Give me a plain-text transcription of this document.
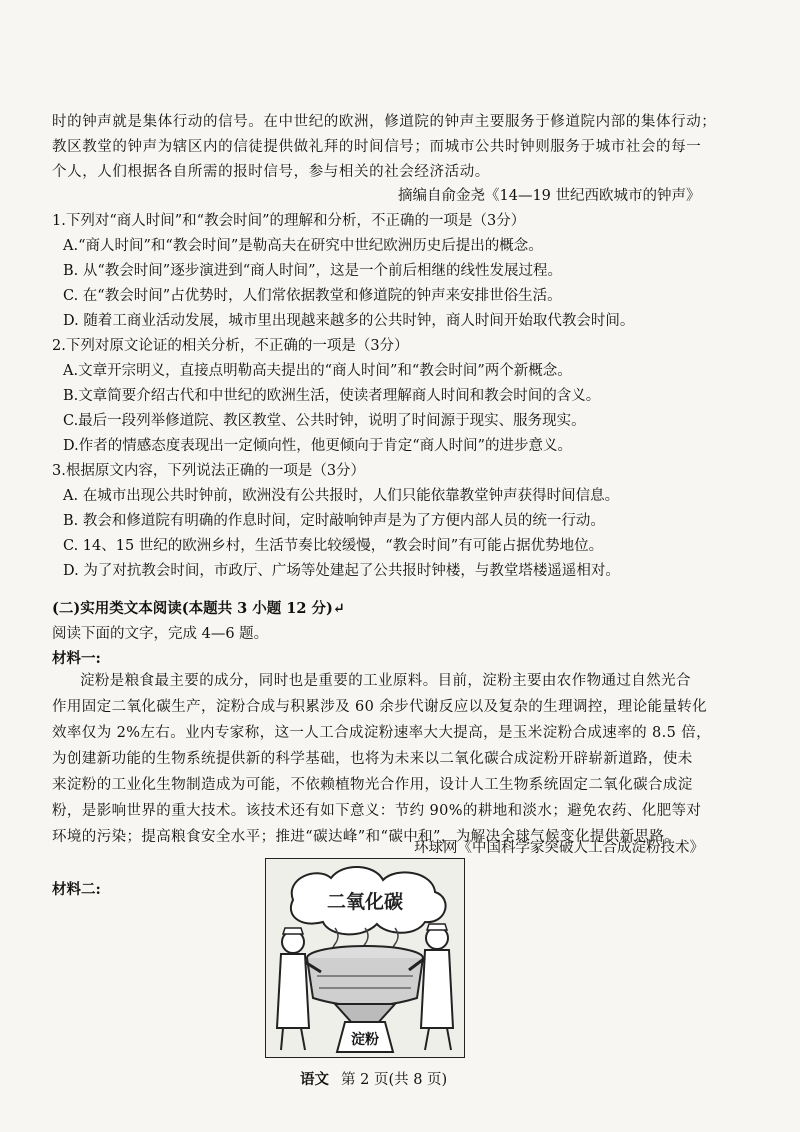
时的钟声就是集体行动的信号。在中世纪的欧洲，修道院的钟声主要服务于修道院内部的集体行动；
教区教堂的钟声为辖区内的信徒提供做礼拜的时间信号；而城市公共时钟则服务于城市社会的每一
个人，人们根据各自所需的报时信号，参与相关的社会经济活动。
摘编自俞金尧《14—19 世纪西欧城市的钟声》
1.下列对“商人时间”和“教会时间”的理解和分析，不正确的一项是（3分）
A.“商人时间”和“教会时间”是勒高夫在研究中世纪欧洲历史后提出的概念。
B. 从“教会时间”逐步演进到“商人时间”，这是一个前后相继的线性发展过程。
C. 在“教会时间”占优势时，人们常依据教堂和修道院的钟声来安排世俗生活。
D. 随着工商业活动发展，城市里出现越来越多的公共时钟，商人时间开始取代教会时间。
2.下列对原文论证的相关分析，不正确的一项是（3分）
A.文章开宗明义，直接点明勒高夫提出的“商人时间”和“教会时间”两个新概念。
B.文章简要介绍古代和中世纪的欧洲生活，使读者理解商人时间和教会时间的含义。
C.最后一段列举修道院、教区教堂、公共时钟，说明了时间源于现实、服务现实。
D.作者的情感态度表现出一定倾向性，他更倾向于肯定“商人时间”的进步意义。
3.根据原文内容，下列说法正确的一项是（3分）
A. 在城市出现公共时钟前，欧洲没有公共报时，人们只能依靠教堂钟声获得时间信息。
B. 教会和修道院有明确的作息时间，定时敲响钟声是为了方便内部人员的统一行动。
C. 14、15 世纪的欧洲乡村，生活节奏比较缓慢，“教会时间”有可能占据优势地位。
D. 为了对抗教会时间，市政厅、广场等处建起了公共报时钟楼，与教堂塔楼遥遥相对。
(二)实用类文本阅读(本题共 3 小题 12 分)↵
阅读下面的文字，完成 4—6 题。
材料一:
淀粉是粮食最主要的成分，同时也是重要的工业原料。目前，淀粉主要由农作物通过自然光合
作用固定二氧化碳生产，淀粉合成与积累涉及 60 余步代谢反应以及复杂的生理调控，理论能量转化
效率仅为 2%左右。业内专家称，这一人工合成淀粉速率大大提高，是玉米淀粉合成速率的 8.5 倍，
为创建新功能的生物系统提供新的科学基础，也将为未来以二氧化碳合成淀粉开辟崭新道路，使未
来淀粉的工业化生物制造成为可能，不依赖植物光合作用，设计人工生物系统固定二氧化碳合成淀
粉，是影响世界的重大技术。该技术还有如下意义：节约 90%的耕地和淡水；避免农药、化肥等对
环境的污染；提高粮食安全水平；推进“碳达峰”和“碳中和”，为解决全球气候变化提供新思路。
环球网《中国科学家突破人工合成淀粉技术》
材料二:
二氧化碳
淀粉
语文 第 2 页(共 8 页)
